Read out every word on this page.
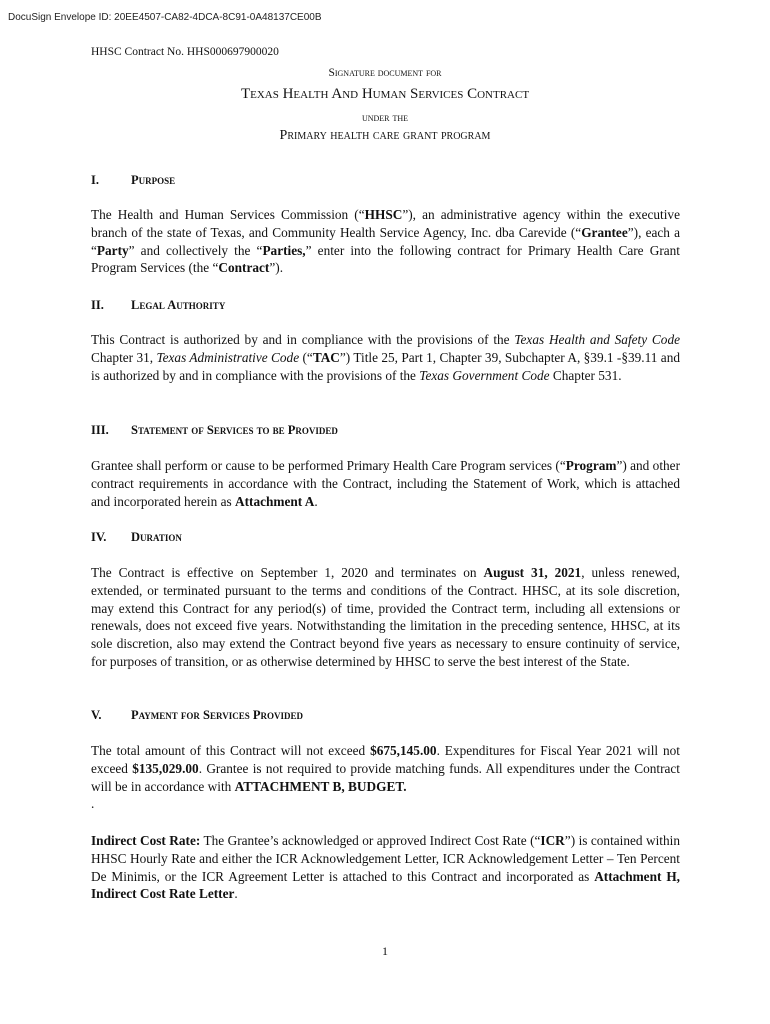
DocuSign Envelope ID: 20EE4507-CA82-4DCA-8C91-0A48137CE00B
HHSC Contract No. HHS000697900020
Signature document for
Texas Health And Human Services Contract
under the
Primary health care grant program
I.	Purpose

The Health and Human Services Commission (“HHSC”), an administrative agency within the executive branch of the state of Texas, and Community Health Service Agency, Inc. dba Carevide (“Grantee”), each a “Party” and collectively the “Parties,” enter into the following contract for Primary Health Care Grant Program Services (the “Contract”).

II. Legal Authority

This Contract is authorized by and in compliance with the provisions of the Texas Health and Safety Code Chapter 31, Texas Administrative Code (“TAC”) Title 25, Part 1, Chapter 39, Subchapter A, §39.1 -§39.11 and is authorized by and in compliance with the provisions of the Texas Government Code Chapter 531.

III. Statement of Services to be Provided

Grantee shall perform or cause to be performed Primary Health Care Program services (“Program”) and other contract requirements in accordance with the Contract, including the Statement of Work, which is attached and incorporated herein as Attachment A.

IV. Duration

The Contract is effective on September 1, 2020 and terminates on August 31, 2021, unless renewed, extended, or terminated pursuant to the terms and conditions of the Contract. HHSC, at its sole discretion, may extend this Contract for any period(s) of time, provided the Contract term, including all extensions or renewals, does not exceed five years. Notwithstanding the limitation in the preceding sentence, HHSC, at its sole discretion, also may extend the Contract beyond five years as necessary to ensure continuity of service, for purposes of transition, or as otherwise determined by HHSC to serve the best interest of the State.

V. Payment for Services Provided

The total amount of this Contract will not exceed $675,145.00. Expenditures for Fiscal Year 2021 will not exceed $135,029.00. Grantee is not required to provide matching funds. All expenditures under the Contract will be in accordance with ATTACHMENT B, BUDGET.
.

Indirect Cost Rate: The Grantee’s acknowledged or approved Indirect Cost Rate (“ICR”) is contained within HHSC Hourly Rate and either the ICR Acknowledgement Letter, ICR Acknowledgement Letter – Ten Percent De Minimis, or the ICR Agreement Letter is attached to this Contract and incorporated as Attachment H, Indirect Cost Rate Letter.

1
